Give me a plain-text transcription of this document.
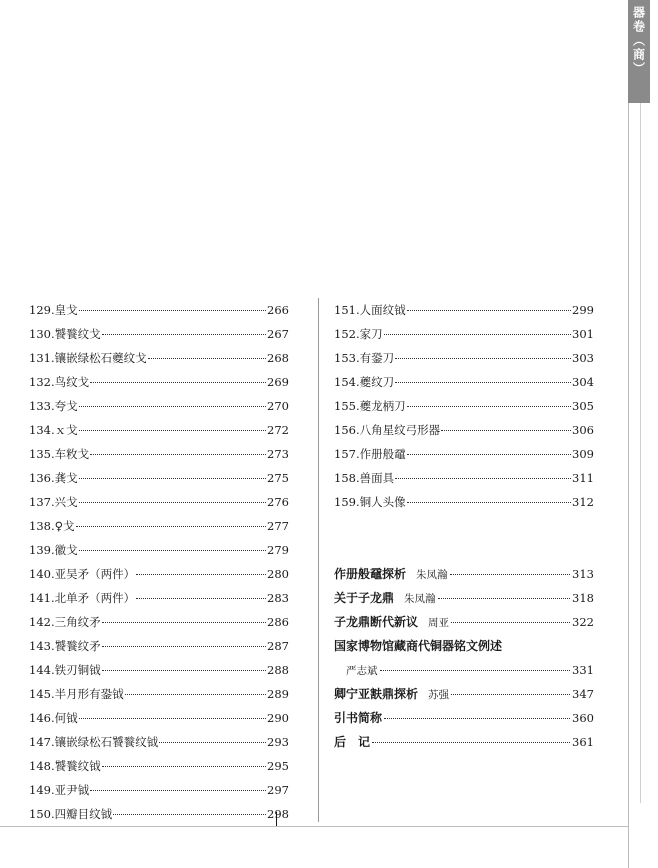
器卷（商）
129.皇戈	266
130.饕餮纹戈	267
131.镶嵌绿松石夔纹戈	268
132.鸟纹戈	269
133.夸戈	270
134.ｘ戈	272
135.车敉戈	273
136.龚戈	275
137.兴戈	276
138.♀戈	277
139.徽戈	279
140.亚吴矛（两件）	280
141.北单矛（两件）	283
142.三角纹矛	286
143.饕餮纹矛	287
144.铁刃铜钺	288
145.半月形有銎钺	289
146.何钺	290
147.镶嵌绿松石饕餮纹钺	293
148.饕餮纹钺	295
149.亚尹钺	297
150.四瓣目纹钺	298
151.人面纹钺	299
152.家刀	301
153.有銎刀	303
154.夔纹刀	304
155.夔龙柄刀	305
156.八角星纹弓形器	306
157.作册般黿	309
158.兽面具	311
159.铜人头像	312
作册般黿探析 朱凤瀚	313
关于子龙鼎 朱凤瀚	318
子龙鼎断代新议 周亚	322
国家博物馆藏商代铜器铭文例述
严志斌	331
卿宁亚㝬鼎探析 苏强	347
引书简称	360
后　记	361
